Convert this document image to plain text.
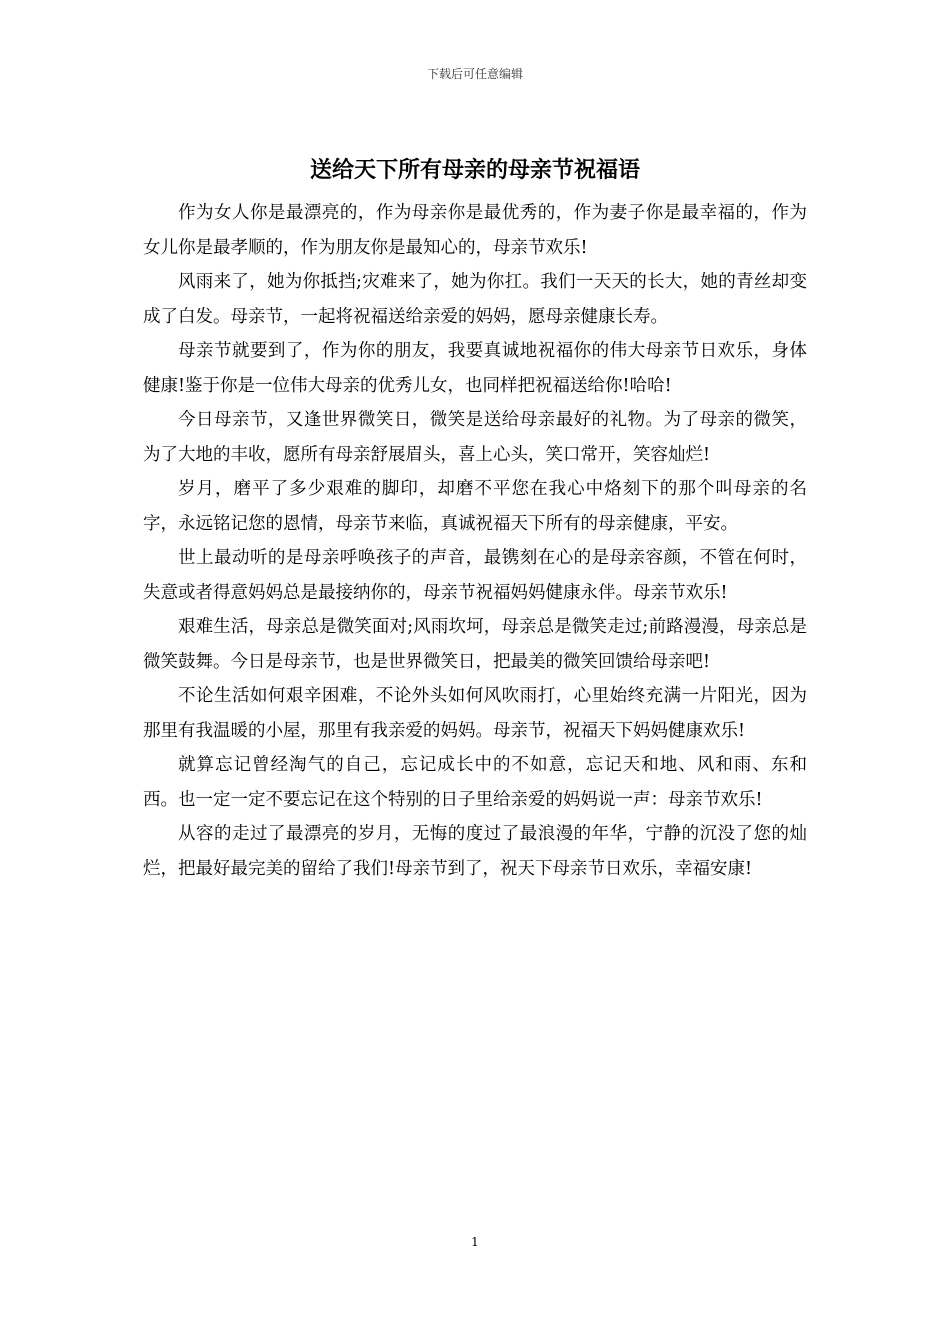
下载后可任意编辑
送给天下所有母亲的母亲节祝福语

作为女人你是最漂亮的，作为母亲你是最优秀的，作为妻子你是最幸福的，作为女儿你是最孝顺的，作为朋友你是最知心的，母亲节欢乐!

风雨来了，她为你抵挡;灾难来了，她为你扛。我们一天天的长大，她的青丝却变成了白发。母亲节，一起将祝福送给亲爱的妈妈，愿母亲健康长寿。

母亲节就要到了，作为你的朋友，我要真诚地祝福你的伟大母亲节日欢乐，身体健康!鉴于你是一位伟大母亲的优秀儿女，也同样把祝福送给你!哈哈!

今日母亲节，又逢世界微笑日，微笑是送给母亲最好的礼物。为了母亲的微笑，为了大地的丰收，愿所有母亲舒展眉头，喜上心头，笑口常开，笑容灿烂!

岁月，磨平了多少艰难的脚印，却磨不平您在我心中烙刻下的那个叫母亲的名字，永远铭记您的恩情，母亲节来临，真诚祝福天下所有的母亲健康，平安。

世上最动听的是母亲呼唤孩子的声音，最镌刻在心的是母亲容颜，不管在何时，失意或者得意妈妈总是最接纳你的，母亲节祝福妈妈健康永伴。母亲节欢乐!

艰难生活，母亲总是微笑面对;风雨坎坷，母亲总是微笑走过;前路漫漫，母亲总是微笑鼓舞。今日是母亲节，也是世界微笑日，把最美的微笑回馈给母亲吧!

不论生活如何艰辛困难，不论外头如何风吹雨打，心里始终充满一片阳光，因为那里有我温暖的小屋，那里有我亲爱的妈妈。母亲节，祝福天下妈妈健康欢乐!

就算忘记曾经淘气的自己，忘记成长中的不如意，忘记天和地、风和雨、东和西。也一定一定不要忘记在这个特别的日子里给亲爱的妈妈说一声：母亲节欢乐!

从容的走过了最漂亮的岁月，无悔的度过了最浪漫的年华，宁静的沉没了您的灿烂，把最好最完美的留给了我们!母亲节到了，祝天下母亲节日欢乐，幸福安康!

1
